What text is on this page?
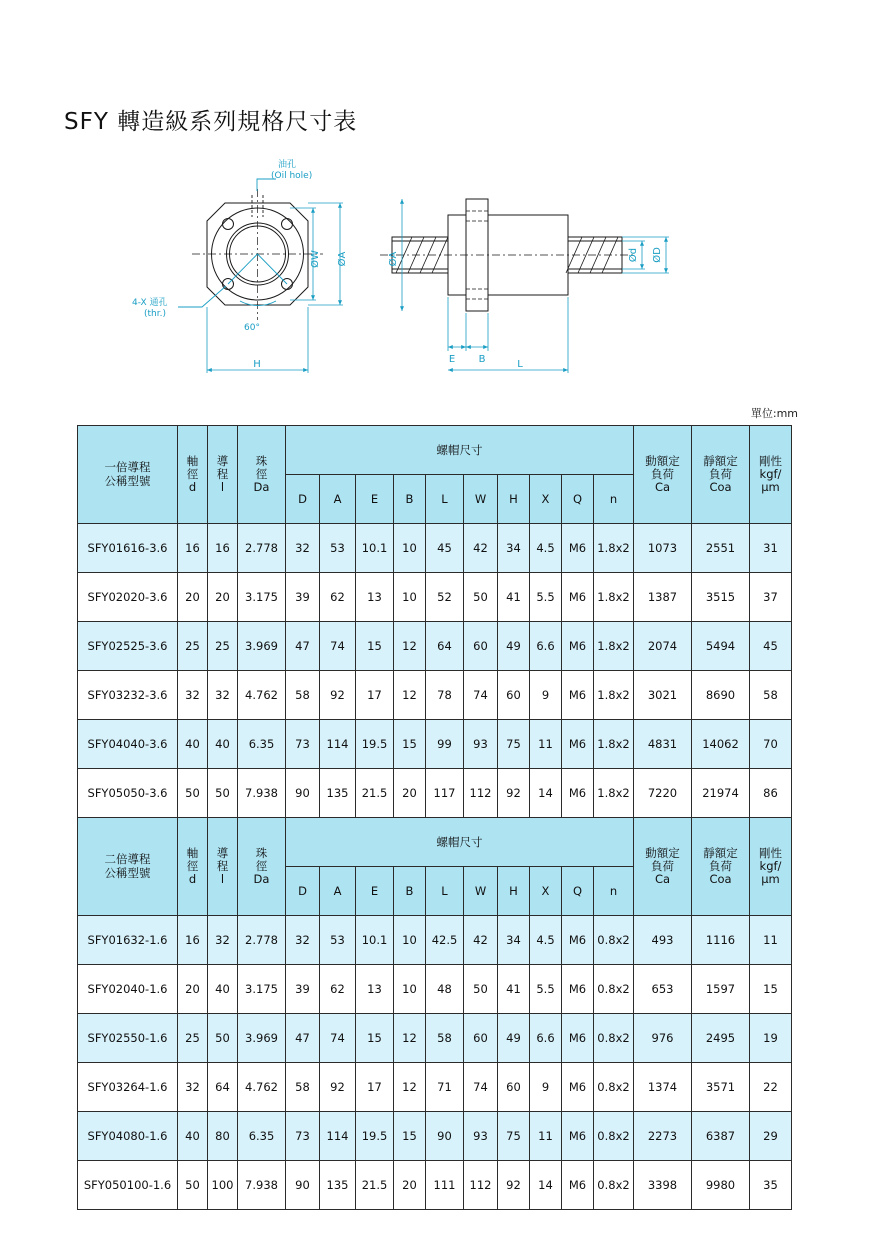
SFY 轉造級系列規格尺寸表
油孔
(Oil hole)
4-X 通孔
(thr.)
60°
ØW ØA
H
ØA	Ød ØD
E B	L
單位:mm
一倍導程
公稱型號	軸
徑
d	導
程
l	珠
徑
Da	螺帽尺寸										動額定
負荷
Ca	靜額定
負荷
Coa	剛性
kgf/
μm
				D	A	E	B	L	W	H	X	Q	n			
SFY01616-3.6	16	16	2.778	32	53	10.1	10	45	42	34	4.5	M6	1.8x2	1073	2551	31
SFY02020-3.6	20	20	3.175	39	62	13	10	52	50	41	5.5	M6	1.8x2	1387	3515	37
SFY02525-3.6	25	25	3.969	47	74	15	12	64	60	49	6.6	M6	1.8x2	2074	5494	45
SFY03232-3.6	32	32	4.762	58	92	17	12	78	74	60	9	M6	1.8x2	3021	8690	58
SFY04040-3.6	40	40	6.35	73	114	19.5	15	99	93	75	11	M6	1.8x2	4831	14062	70
SFY05050-3.6	50	50	7.938	90	135	21.5	20	117	112	92	14	M6	1.8x2	7220	21974	86

二倍導程
公稱型號	軸
徑
d	導
程
l	珠
徑
Da	螺帽尺寸										動額定
負荷
Ca	靜額定
負荷
Coa	剛性
kgf/
μm
				D	A	E	B	L	W	H	X	Q	n			
SFY01632-1.6	16	32	2.778	32	53	10.1	10	42.5	42	34	4.5	M6	0.8x2	493	1116	11
SFY02040-1.6	20	40	3.175	39	62	13	10	48	50	41	5.5	M6	0.8x2	653	1597	15
SFY02550-1.6	25	50	3.969	47	74	15	12	58	60	49	6.6	M6	0.8x2	976	2495	19
SFY03264-1.6	32	64	4.762	58	92	17	12	71	74	60	9	M6	0.8x2	1374	3571	22
SFY04080-1.6	40	80	6.35	73	114	19.5	15	90	93	75	11	M6	0.8x2	2273	6387	29
SFY050100-1.6	50	100	7.938	90	135	21.5	20	111	112	92	14	M6	0.8x2	3398	9980	35
